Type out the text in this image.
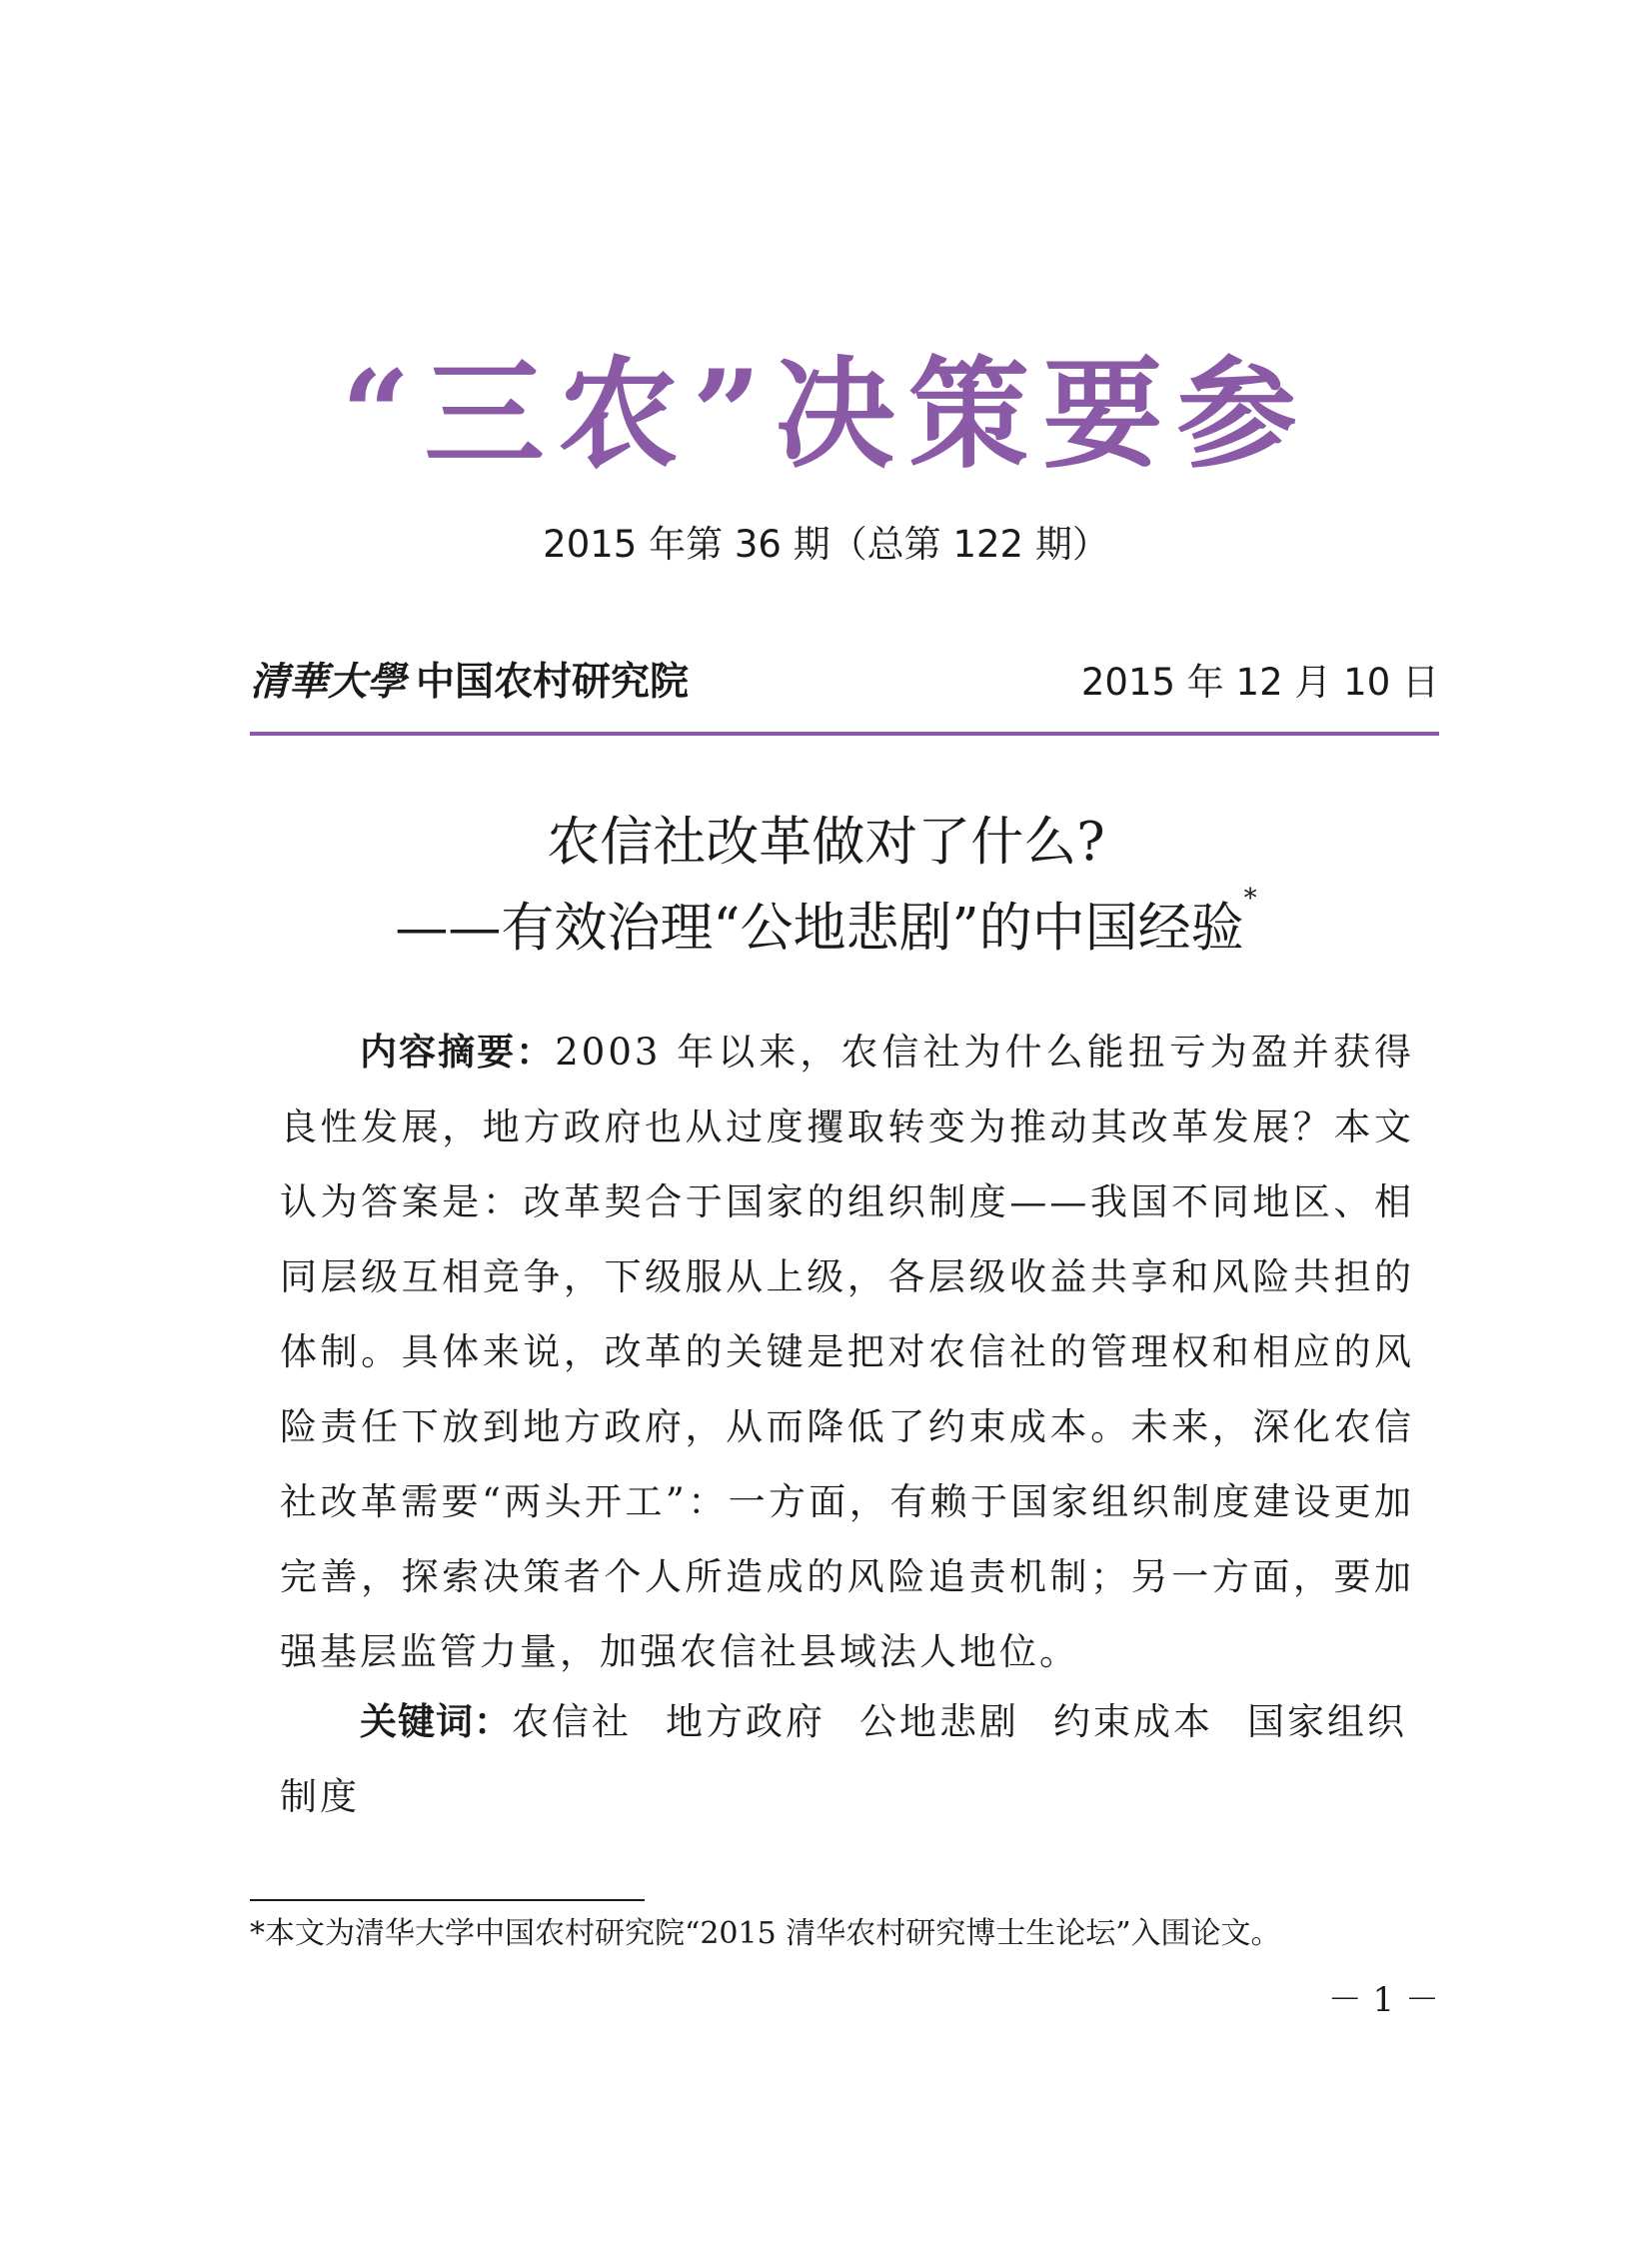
“三农”决策要参
2015 年第 36 期（总第 122 期）
清華大學 中国农村研究院	2015 年 12 月 10 日
农信社改革做对了什么?
——有效治理“公地悲剧”的中国经验*
内容摘要：2003 年以来，农信社为什么能扭亏为盈并获得良性发展，地方政府也从过度攫取转变为推动其改革发展？本文认为答案是：改革契合于国家的组织制度——我国不同地区、相同层级互相竞争，下级服从上级，各层级收益共享和风险共担的体制。具体来说，改革的关键是把对农信社的管理权和相应的风险责任下放到地方政府，从而降低了约束成本。未来，深化农信社改革需要“两头开工”：一方面，有赖于国家组织制度建设更加完善，探索决策者个人所造成的风险追责机制；另一方面，要加强基层监管力量，加强农信社县域法人地位。
关键词：农信社 地方政府 公地悲剧 约束成本 国家组织制度
*本文为清华大学中国农村研究院“2015 清华农村研究博士生论坛”入围论文。
－ 1 －
